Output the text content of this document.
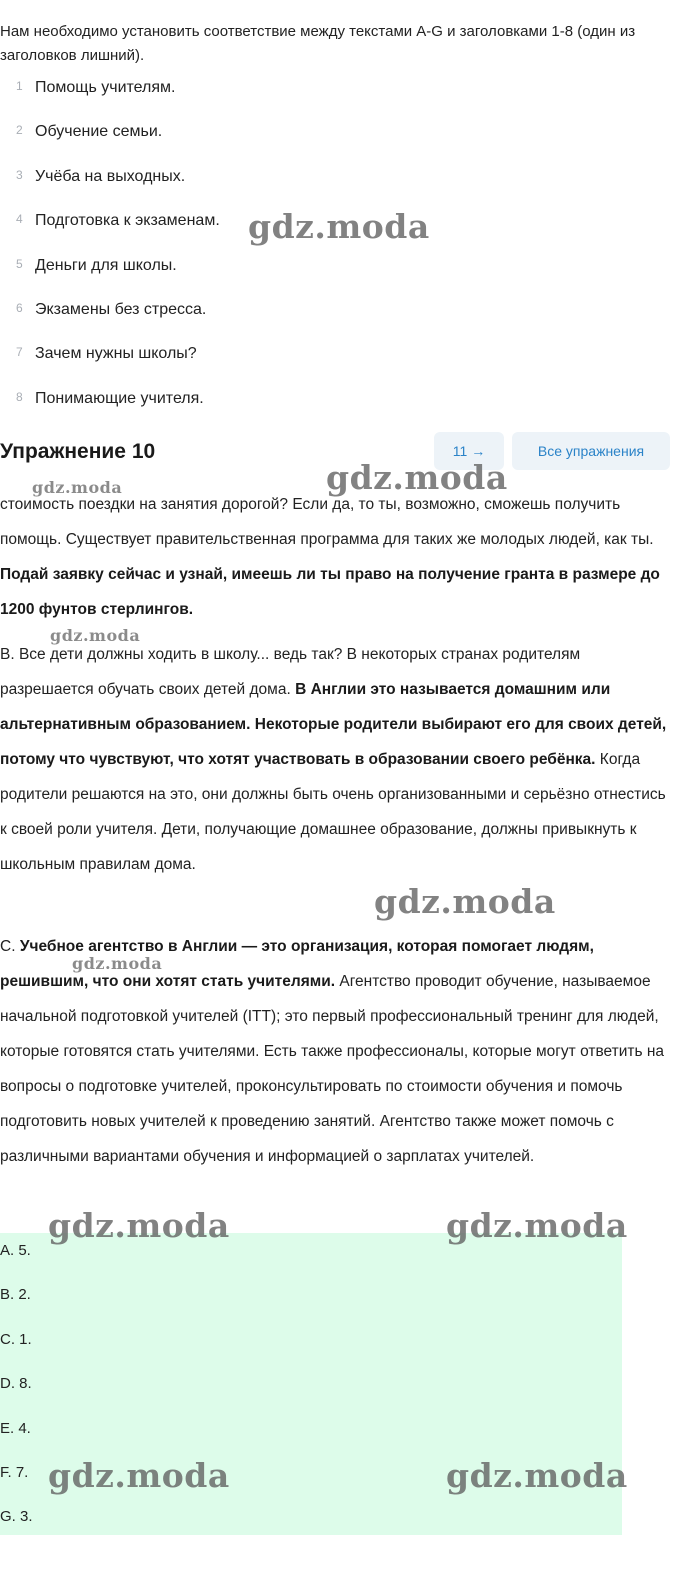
Нам необходимо установить соответствие между текстами A-G и заголовками 1-8 (один из заголовков лишний).
1 Помощь учителям.
2 Обучение семьи.
3 Учёба на выходных.
4 Подготовка к экзаменам.
5 Деньги для школы.
6 Экзамены без стресса.
7 Зачем нужны школы?
8 Понимающие учителя.
Упражнение 10	11 →	Все упражнения

стоимость поездки на занятия дорогой? Если да, то ты, возможно, сможешь получить помощь. Существует правительственная программа для таких же молодых людей, как ты. Подай заявку сейчас и узнай, имеешь ли ты право на получение гранта в размере до 1200 фунтов стерлингов.

B. Все дети должны ходить в школу... ведь так? В некоторых странах родителям разрешается обучать своих детей дома. В Англии это называется домашним или альтернативным образованием. Некоторые родители выбирают его для своих детей, потому что чувствуют, что хотят участвовать в образовании своего ребёнка. Когда родители решаются на это, они должны быть очень организованными и серьёзно отнестись к своей роли учителя. Дети, получающие домашнее образование, должны привыкнуть к школьным правилам дома.

C. Учебное агентство в Англии — это организация, которая помогает людям, решившим, что они хотят стать учителями. Агентство проводит обучение, называемое начальной подготовкой учителей (ITT); это первый профессиональный тренинг для людей, которые готовятся стать учителями. Есть также профессионалы, которые могут ответить на вопросы о подготовке учителей, проконсультировать по стоимости обучения и помочь подготовить новых учителей к проведению занятий. Агентство также может помочь с различными вариантами обучения и информацией о зарплатах учителей.

A. 5.
B. 2.
C. 1.
D. 8.
E. 4.
F. 7.
G. 3.
gdz.moda
gdz.moda
gdz.moda
gdz.moda
gdz.moda
gdz.moda
gdz.moda	gdz.moda
gdz.moda	gdz.moda
